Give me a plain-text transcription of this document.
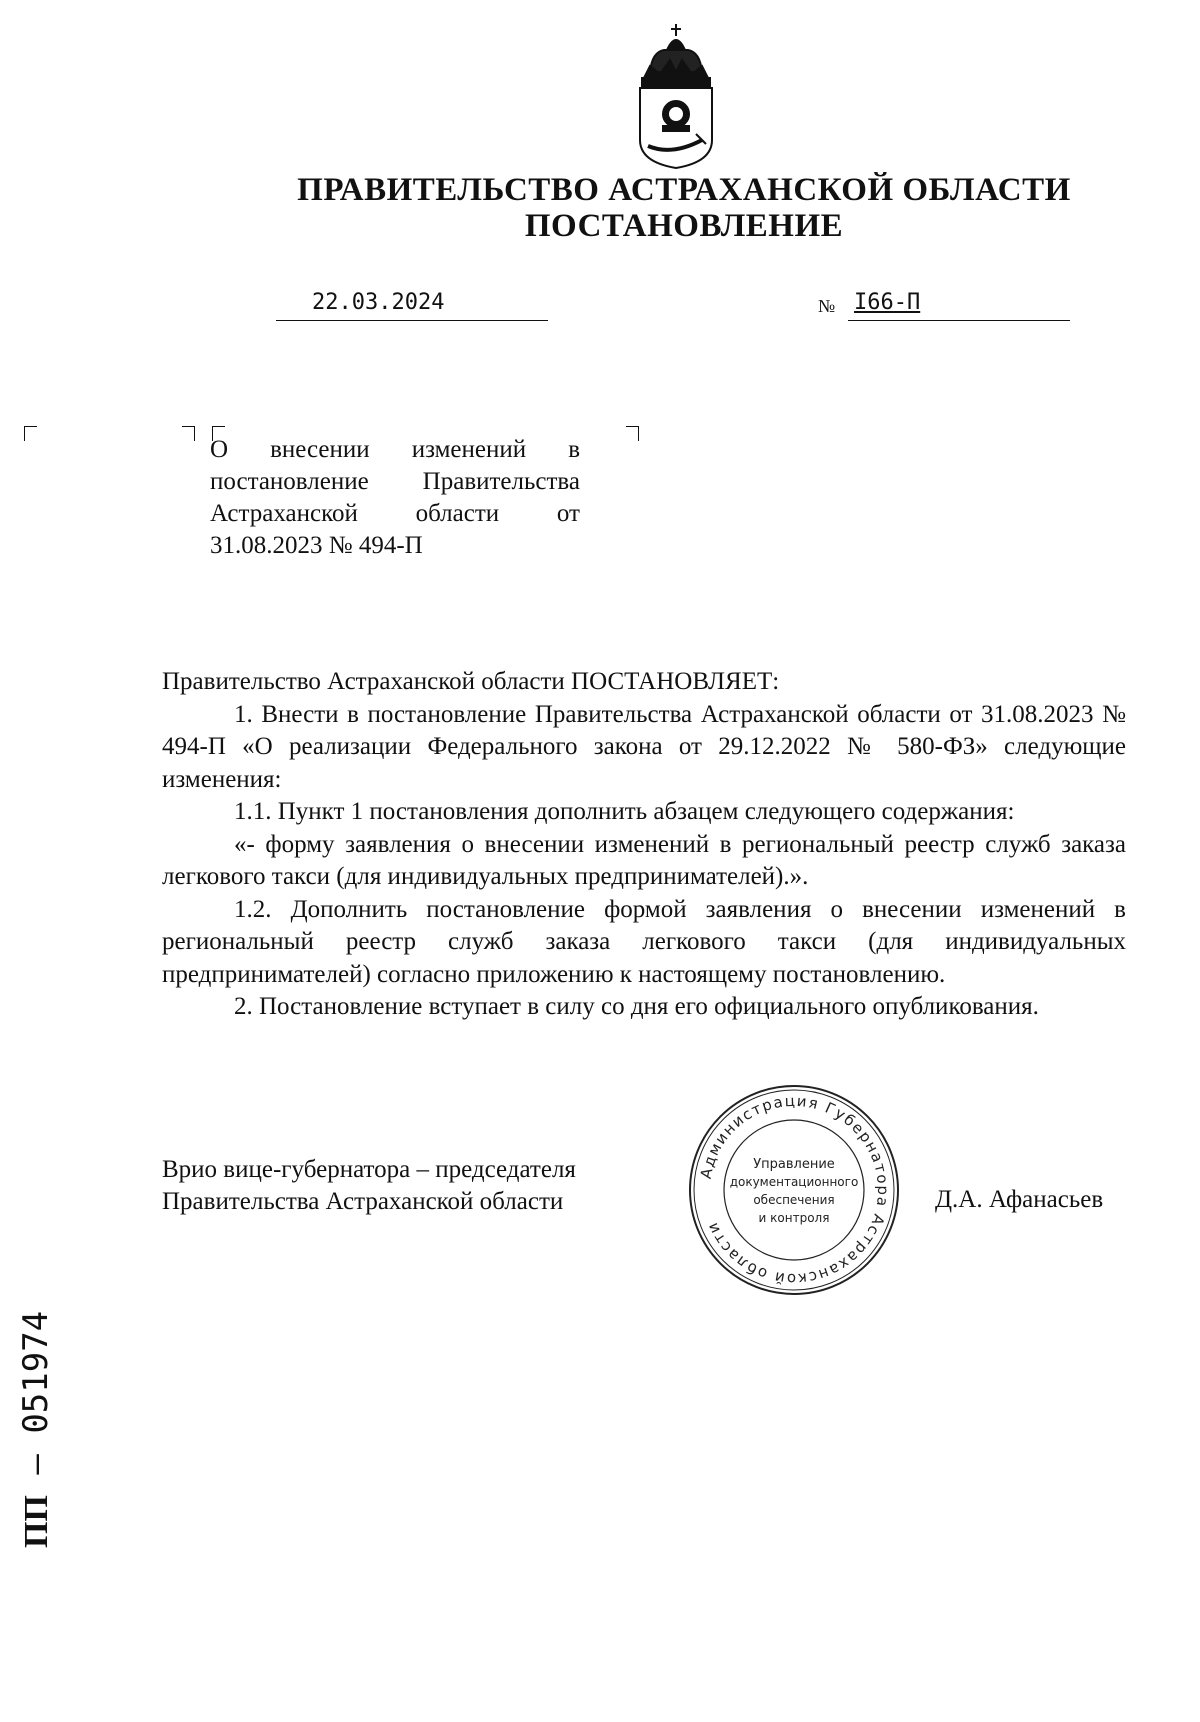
ПРАВИТЕЛЬСТВО АСТРАХАНСКОЙ ОБЛАСТИ
ПОСТАНОВЛЕНИЕ
22.03.2024	№ I66-П
О внесении изменений в
постановление Правительства
Астраханской области от
31.08.2023 № 494-П

Правительство Астраханской области ПОСТАНОВЛЯЕТ:

1. Внести в постановление Правительства Астраханской области от 31.08.2023 № 494-П «О реализации Федерального закона от 29.12.2022 № 580-ФЗ» следующие изменения:

1.1. Пункт 1 постановления дополнить абзацем следующего содержания:

«- форму заявления о внесении изменений в региональный реестр служб заказа легкового такси (для индивидуальных предпринимателей).».

1.2. Дополнить постановление формой заявления о внесении изменений в региональный реестр служб заказа легкового такси (для индивидуальных предпринимателей) согласно приложению к настоящему постановлению.

2. Постановление вступает в силу со дня его официального опубликования.

Врио вице-губернатора – председателя
Правительства Астраханской области
Администрация Губернатора Астраханской области
Управление
документационного
обеспечения
и контроля
Д.А. Афанасьев
ПП – 051974
